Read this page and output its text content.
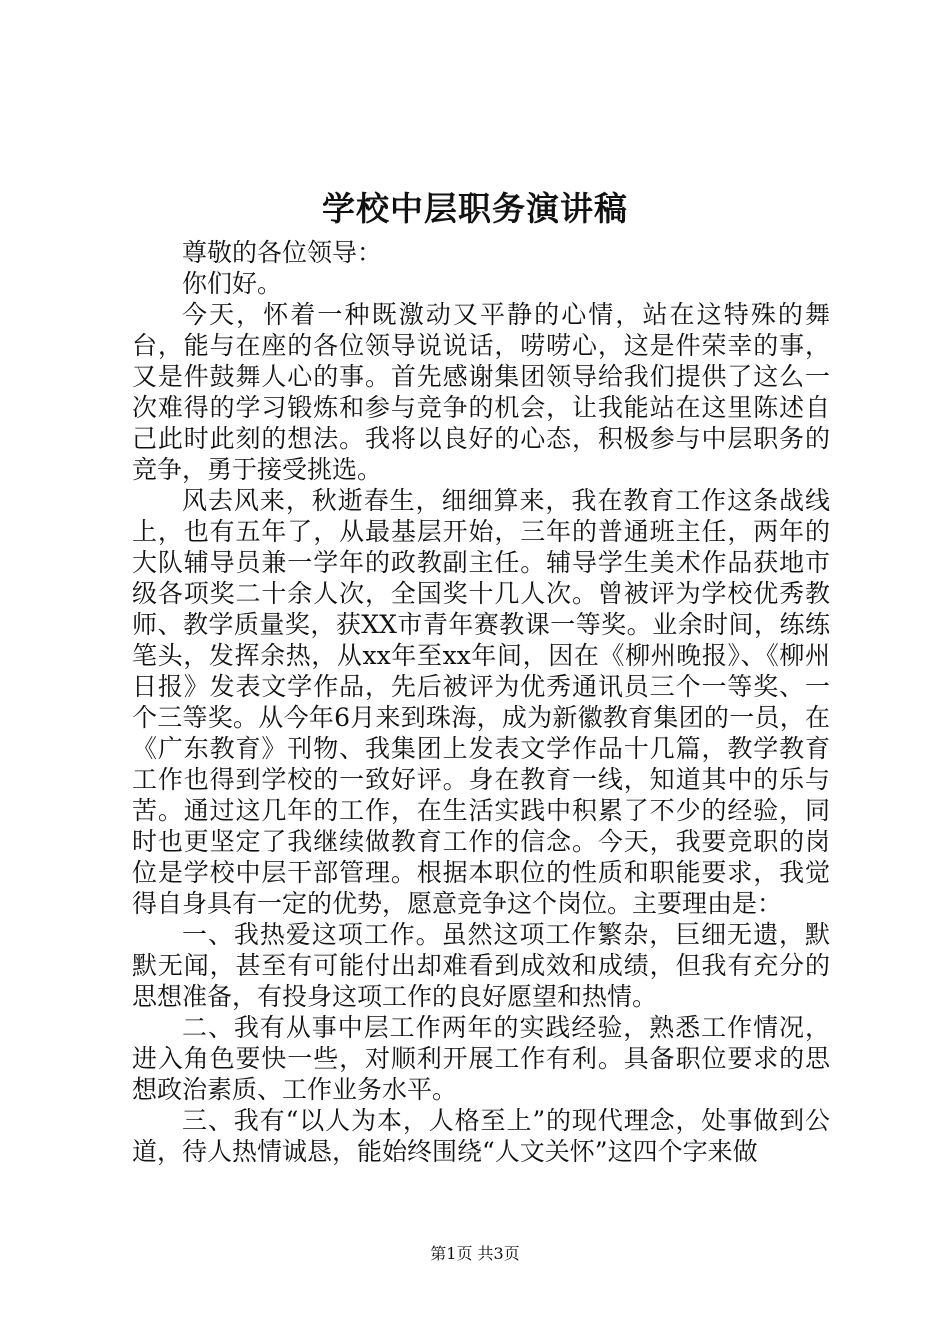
学校中层职务演讲稿

尊敬的各位领导：

你们好。

今天，怀着一种既激动又平静的心情，站在这特殊的舞台，能与在座的各位领导说说话，唠唠心，这是件荣幸的事，又是件鼓舞人心的事。首先感谢集团领导给我们提供了这么一次难得的学习锻炼和参与竞争的机会，让我能站在这里陈述自己此时此刻的想法。我将以良好的心态，积极参与中层职务的竞争，勇于接受挑选。

风去风来，秋逝春生，细细算来，我在教育工作这条战线上，也有五年了，从最基层开始，三年的普通班主任，两年的大队辅导员兼一学年的政教副主任。辅导学生美术作品获地市级各项奖二十余人次，全国奖十几人次。曾被评为学校优秀教师、教学质量奖，获XX市青年赛教课一等奖。业余时间，练练笔头，发挥余热，从xx年至xx年间，因在《柳州晚报》、《柳州日报》发表文学作品，先后被评为优秀通讯员三个一等奖、一个三等奖。从今年6月来到珠海，成为新徽教育集团的一员，在《广东教育》刊物、我集团上发表文学作品十几篇，教学教育工作也得到学校的一致好评。身在教育一线，知道其中的乐与苦。通过这几年的工作，在生活实践中积累了不少的经验，同时也更坚定了我继续做教育工作的信念。今天，我要竞职的岗位是学校中层干部管理。根据本职位的性质和职能要求，我觉得自身具有一定的优势，愿意竞争这个岗位。主要理由是：

一、我热爱这项工作。虽然这项工作繁杂，巨细无遗，默默无闻，甚至有可能付出却难看到成效和成绩，但我有充分的思想准备，有投身这项工作的良好愿望和热情。

二、我有从事中层工作两年的实践经验，熟悉工作情况，进入角色要快一些，对顺利开展工作有利。具备职位要求的思想政治素质、工作业务水平。

三、我有“以人为本，人格至上”的现代理念，处事做到公道，待人热情诚恳，能始终围绕“人文关怀”这四个字来做

第1页 共3页
